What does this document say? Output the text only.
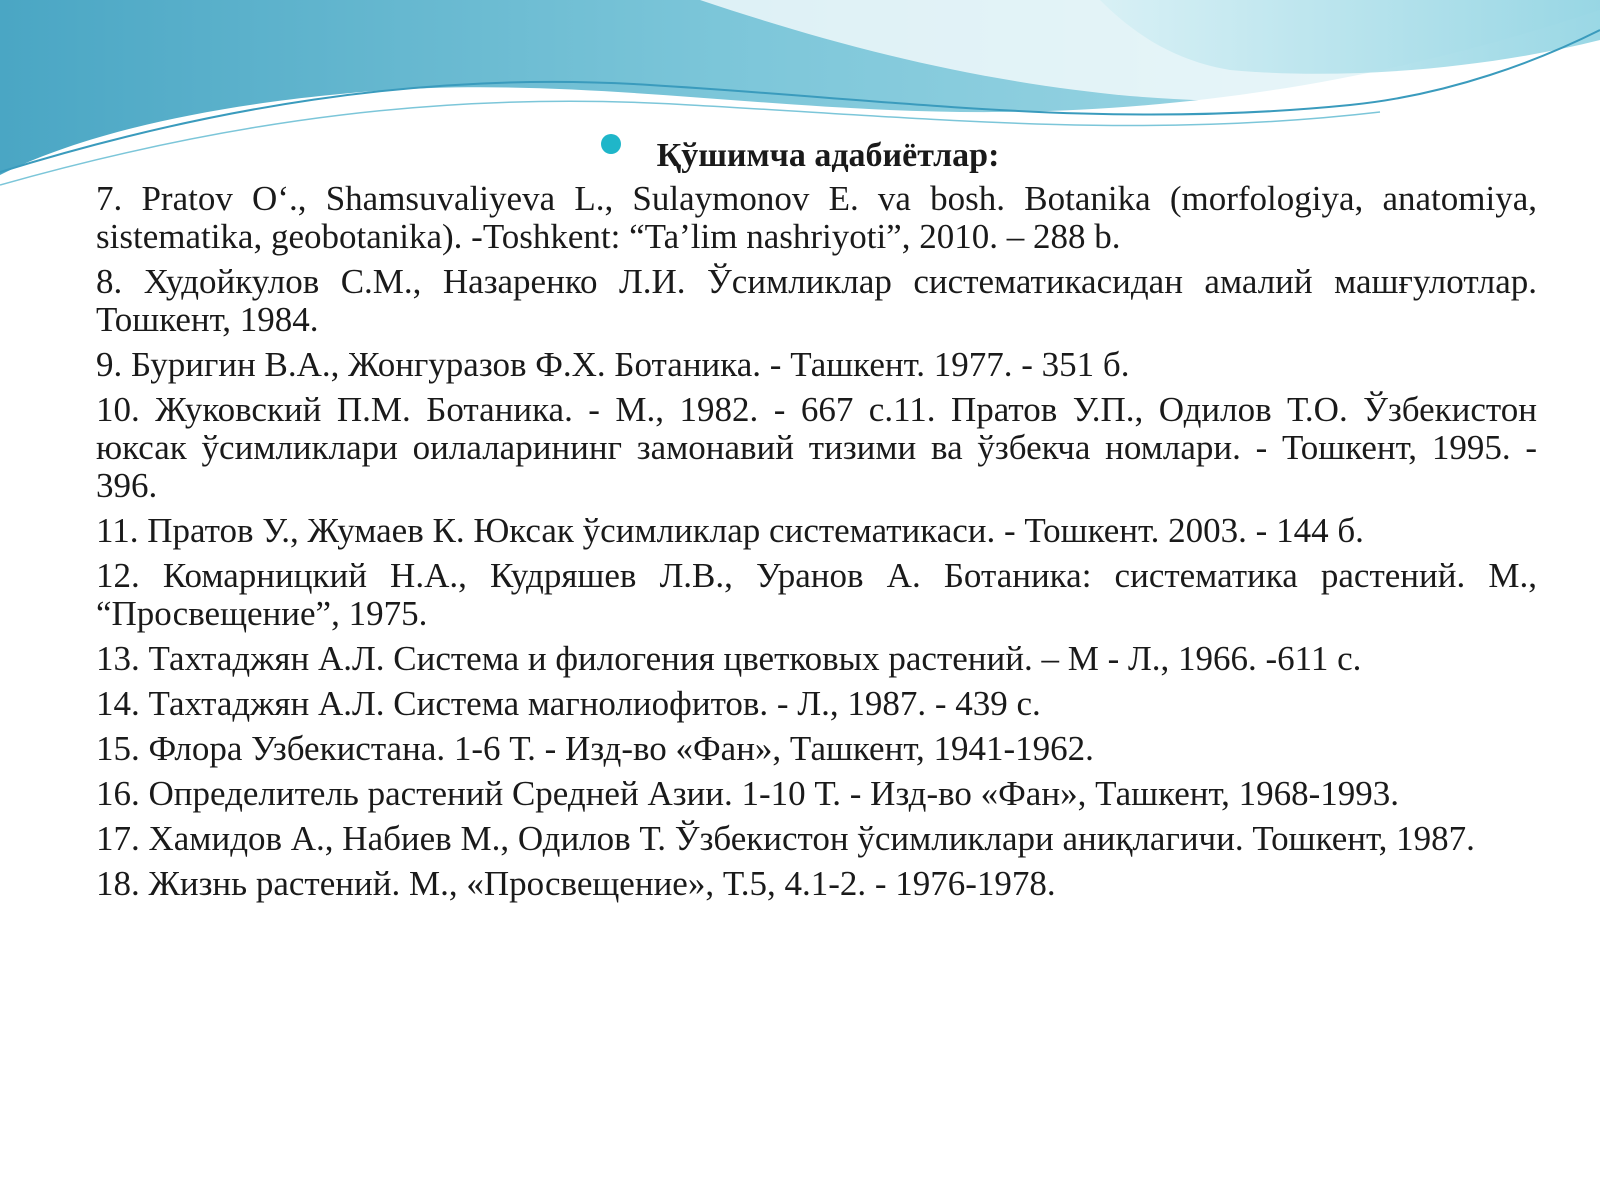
Қўшимча адабиётлар:

7. Pratov O‘., Shamsuvaliyeva L., Sulaymonov E. va bosh. Botanika (morfologiya, anatomiya, sistematika, geobotanika). -Toshkent: “Ta’lim nashriyoti”, 2010. – 288 b.

8. Худойкулов С.М., Назаренко Л.И. Ўсимликлар систематикасидан амалий машғулотлар. Тошкент, 1984.

9. Буригин В.А., Жонгуразов Ф.Х. Ботаника. - Ташкент. 1977. - 351 б.

10. Жуковский П.М. Ботаника. - М., 1982. - 667 с.11. Пратов У.П., Одилов Т.О. Ўзбекистон юксак ўсимликлари оилаларининг замонавий тизими ва ўзбекча номлари. - Тошкент, 1995. - 396.

11. Пратов У., Жумаев К. Юксак ўсимликлар систематикаси. - Тошкент. 2003. - 144 б.

12. Комарницкий Н.А., Кудряшев Л.В., Уранов А. Ботаника: систематика растений. М., “Просвещение”, 1975.

13. Тахтаджян А.Л. Система и филогения цветковых растений. – М - Л., 1966. -611 с.

14. Тахтаджян А.Л. Система магнолиофитов. - Л., 1987. - 439 с.

15. Флора Узбекистана. 1-6 Т. - Изд-во «Фан», Ташкент, 1941-1962.

16. Определитель растений Средней Азии. 1-10 Т. - Изд-во «Фан», Ташкент, 1968-1993.

17. Хамидов А., Набиев М., Одилов Т. Ўзбекистон ўсимликлари аниқлагичи. Тошкент, 1987.

18. Жизнь растений. М., «Просвещение», Т.5, 4.1-2. - 1976-1978.
